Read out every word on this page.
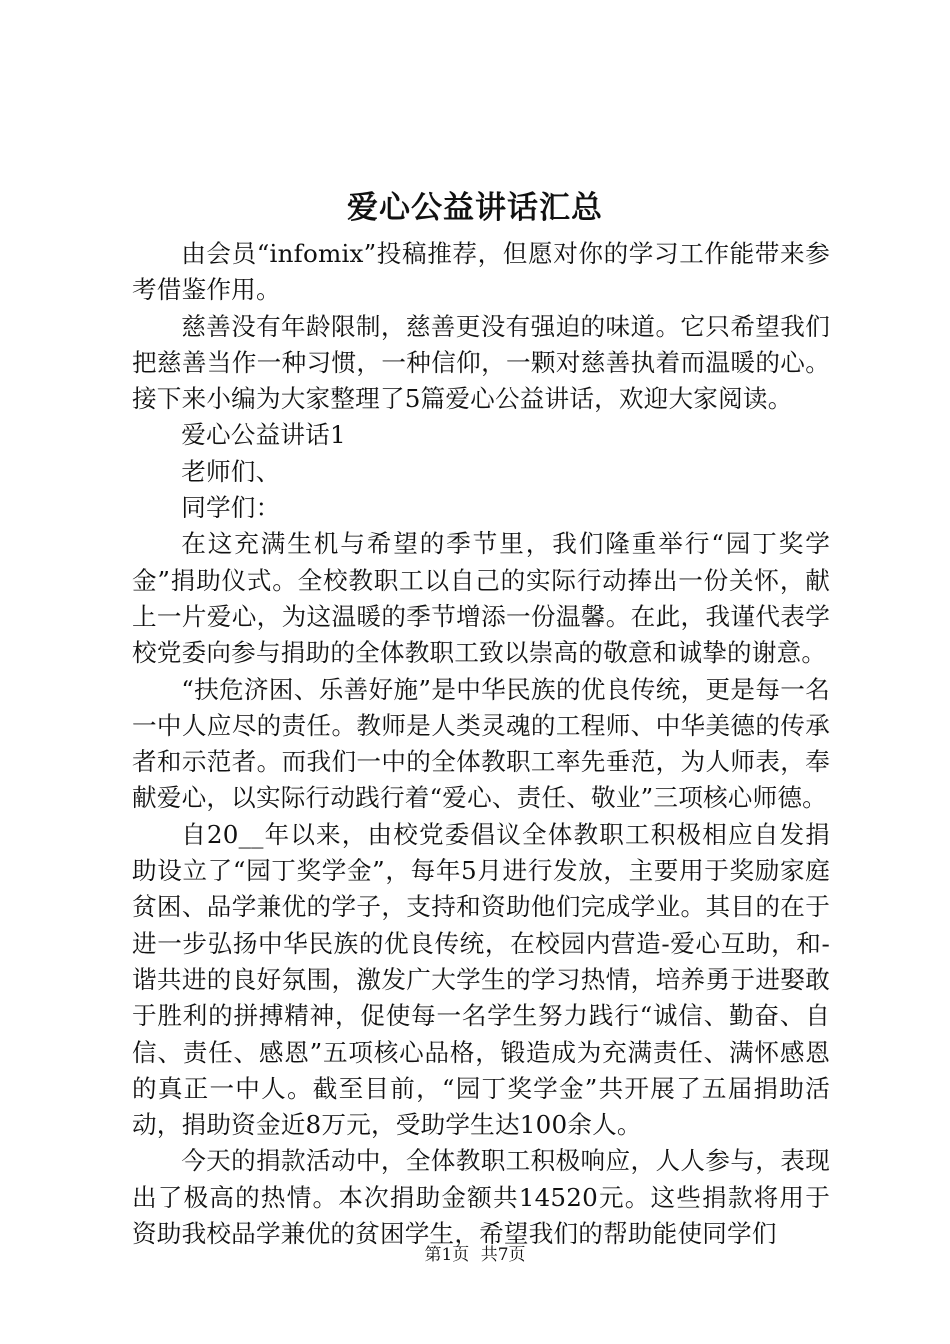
爱心公益讲话汇总

由会员“infomix”投稿推荐，但愿对你的学习工作能带来参考借鉴作用。

慈善没有年龄限制，慈善更没有强迫的味道。它只希望我们把慈善当作一种习惯，一种信仰，一颗对慈善执着而温暖的心。接下来小编为大家整理了5篇爱心公益讲话，欢迎大家阅读。

爱心公益讲话1

老师们、

同学们：

在这充满生机与希望的季节里，我们隆重举行“园丁奖学金”捐助仪式。全校教职工以自己的实际行动捧出一份关怀，献上一片爱心，为这温暖的季节增添一份温馨。在此，我谨代表学校党委向参与捐助的全体教职工致以崇高的敬意和诚挚的谢意。

“扶危济困、乐善好施”是中华民族的优良传统，更是每一名一中人应尽的责任。教师是人类灵魂的工程师、中华美德的传承者和示范者。而我们一中的全体教职工率先垂范，为人师表，奉献爱心，以实际行动践行着“爱心、责任、敬业”三项核心师德。

自20__年以来，由校党委倡议全体教职工积极相应自发捐助设立了“园丁奖学金”，每年5月进行发放，主要用于奖励家庭贫困、品学兼优的学子，支持和资助他们完成学业。其目的在于进一步弘扬中华民族的优良传统，在校园内营造-爱心互助，和-谐共进的良好氛围，激发广大学生的学习热情，培养勇于进娶敢于胜利的拼搏精神，促使每一名学生努力践行“诚信、勤奋、自信、责任、感恩”五项核心品格，锻造成为充满责任、满怀感恩的真正一中人。截至目前，“园丁奖学金”共开展了五届捐助活动，捐助资金近8万元，受助学生达100余人。

今天的捐款活动中，全体教职工积极响应，人人参与，表现出了极高的热情。本次捐助金额共14520元。这些捐款将用于资助我校品学兼优的贫困学生，希望我们的帮助能使同学们

第1页 共7页
